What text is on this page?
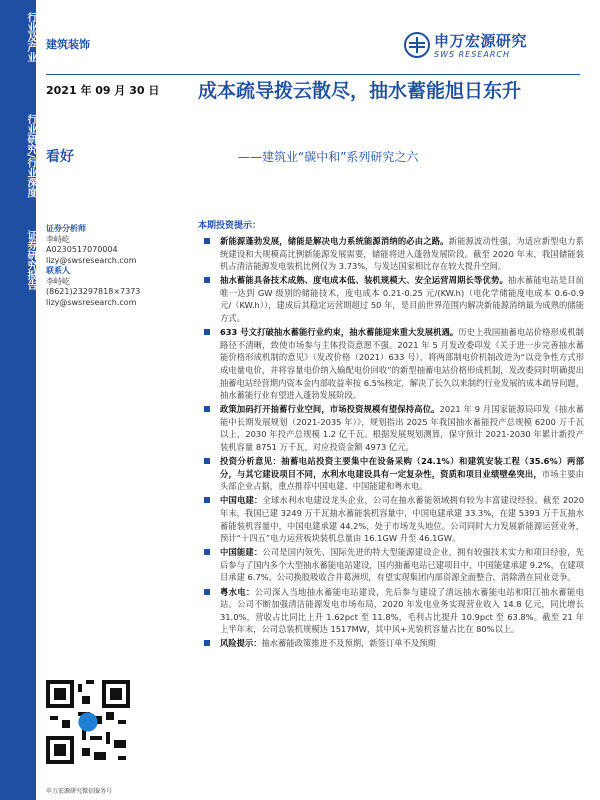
行业及产业
行业研究/行业深度
证券研究报告
建筑装饰	申万宏源研究
SWS RESEARCH
2021 年 09 月 30 日 成本疏导拨云散尽，抽水蓄能旭日东升
——建筑业“碳中和”系列研究之六
看好
证券分析师
李峙屹
A0230517070004
lizy@swsresearch.com
联系人
李峙屹
(8621)23297818×7373
lizy@swsresearch.com
申万宏源研究微信服务号
本期投资提示：
新能源蓬勃发展，储能是解决电力系统能源消纳的必由之路。新能源波动性强，为适应新型电力系统建设和大规模高比例新能源发展需要，储能将进入蓬勃发展阶段。截至 2020 年末，我国储能装机占清洁能源发电装机比例仅为 3.73%，与发达国家相比存在较大提升空间。
抽水蓄能具备技术成熟、度电成本低、装机规模大、安全运营周期长等优势。抽水蓄能电站是目前唯一达到 GW 级别的储能技术，度电成本 0.21-0.25 元/(KW.h)（电化学储能度电成本 0.6-0.9 元/（KW.h）），建成后其稳定运营期超过 50 年，是目前世界范围内解决新能源消纳最为成熟的储能方式。
633 号文打破抽水蓄能行业约束，抽水蓄能迎来重大发展机遇。历史上我国抽蓄电站价格形成机制路径不清晰，致使市场参与主体投资意愿不强。2021 年 5 月发改委印发《关于进一步完善抽水蓄能价格形成机制的意见》（发改价格（2021）633 号），将两部制电价机制改进为“以竞争性方式形成电量电价，并将容量电价纳入输配电价回收”的新型抽蓄电站价格形成机制，发改委同时明确提出抽蓄电站经营期内资本金内部收益率按 6.5%核定，解决了长久以来制约行业发展的成本疏导问题，抽水蓄能行业有望进入蓬勃发展阶段。
政策加码打开抽蓄行业空间，市场投资规模有望保持高位。2021 年 9 月国家能源局印发《抽水蓄能中长期发展规划（2021-2035 年）》，规划指出 2025 年我国抽水蓄能投产总规模 6200 万千瓦以上，2030 年投产总规模 1.2 亿千瓦。根据发展规划测算，保守预计 2021-2030 年累计新投产装机容量 8751 万千瓦，对应投资金额 4973 亿元。
投资分析意见：抽蓄电站投资主要集中在设备采购（24.1%）和建筑安装工程（35.6%）两部分，与其它建设项目不同，水利水电建设具有一定复杂性，资质和项目业绩壁垒突出，市场主要由头部企业占据，重点推荐中国电建、中国能建和粤水电。
中国电建：全球水利水电建设龙头企业，公司在抽水蓄能领域拥有较为丰富建设经验。截至 2020 年末，我国已建 3249 万千瓦抽水蓄能装机容量中，中国电建承建 33.3%，在建 5393 万千瓦抽水蓄能装机容量中，中国电建承建 44.2%，处于市场龙头地位。公司同时大力发展新能源运营业务，预计“十四五”电力运营板块装机总量由 16.1GW 升至 46.1GW。
中国能建：公司是国内领先、国际先进的特大型能源建设企业，拥有较强技术实力和项目经验，先后参与了国内多个大型抽水蓄能电站建设，国内抽蓄电站已建项目中，中国能建承建 9.2%，在建项目承建 6.7%。公司换股吸收合并葛洲坝，有望实现集团内部资源全面整合，消除潜在同业竞争。
粤水电：公司深入当地抽水蓄能电站建设，先后参与建设了清远抽水蓄能电站和阳江抽水蓄能电站。公司不断加强清洁能源发电市场布局，2020 年发电业务实现营业收入 14.8 亿元，同比增长 31.0%，营收占比同比上升 1.62pct 至 11.8%，毛利占比提升 10.9pct 至 63.8%。截至 21 年上半年末，公司总装机规模达 1517MW，其中风+光装机容量占比在 80%以上。
风险提示：抽水蓄能政策推进不及预期，新签订单不及预期
